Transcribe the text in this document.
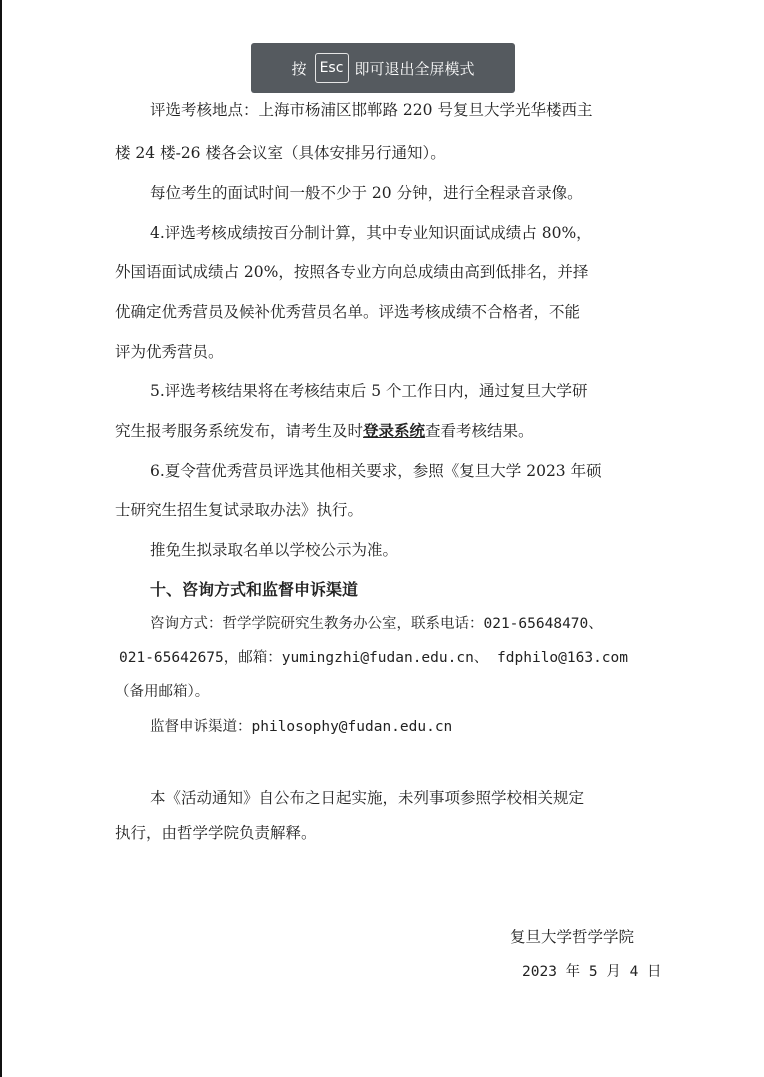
评选考核地点：上海市杨浦区邯郸路 220 号复旦大学光华楼西主
楼 24 楼-26 楼各会议室（具体安排另行通知）。
每位考生的面试时间一般不少于 20 分钟，进行全程录音录像。
4.评选考核成绩按百分制计算，其中专业知识面试成绩占 80%，
外国语面试成绩占 20%，按照各专业方向总成绩由高到低排名，并择
优确定优秀营员及候补优秀营员名单。评选考核成绩不合格者，不能
评为优秀营员。
5.评选考核结果将在考核结束后 5 个工作日内，通过复旦大学研
究生报考服务系统发布，请考生及时登录系统查看考核结果。
6.夏令营优秀营员评选其他相关要求，参照《复旦大学 2023 年硕
士研究生招生复试录取办法》执行。
推免生拟录取名单以学校公示为准。
十、咨询方式和监督申诉渠道
咨询方式：哲学学院研究生教务办公室，联系电话：021-65648470、
021-65642675，邮箱：yumingzhi@fudan.edu.cn、 fdphilo@163.com
（备用邮箱）。
监督申诉渠道：philosophy@fudan.edu.cn
本《活动通知》自公布之日起实施，未列事项参照学校相关规定
执行，由哲学学院负责解释。
复旦大学哲学学院
2023 年 5 月 4 日
按 Esc 即可退出全屏模式
